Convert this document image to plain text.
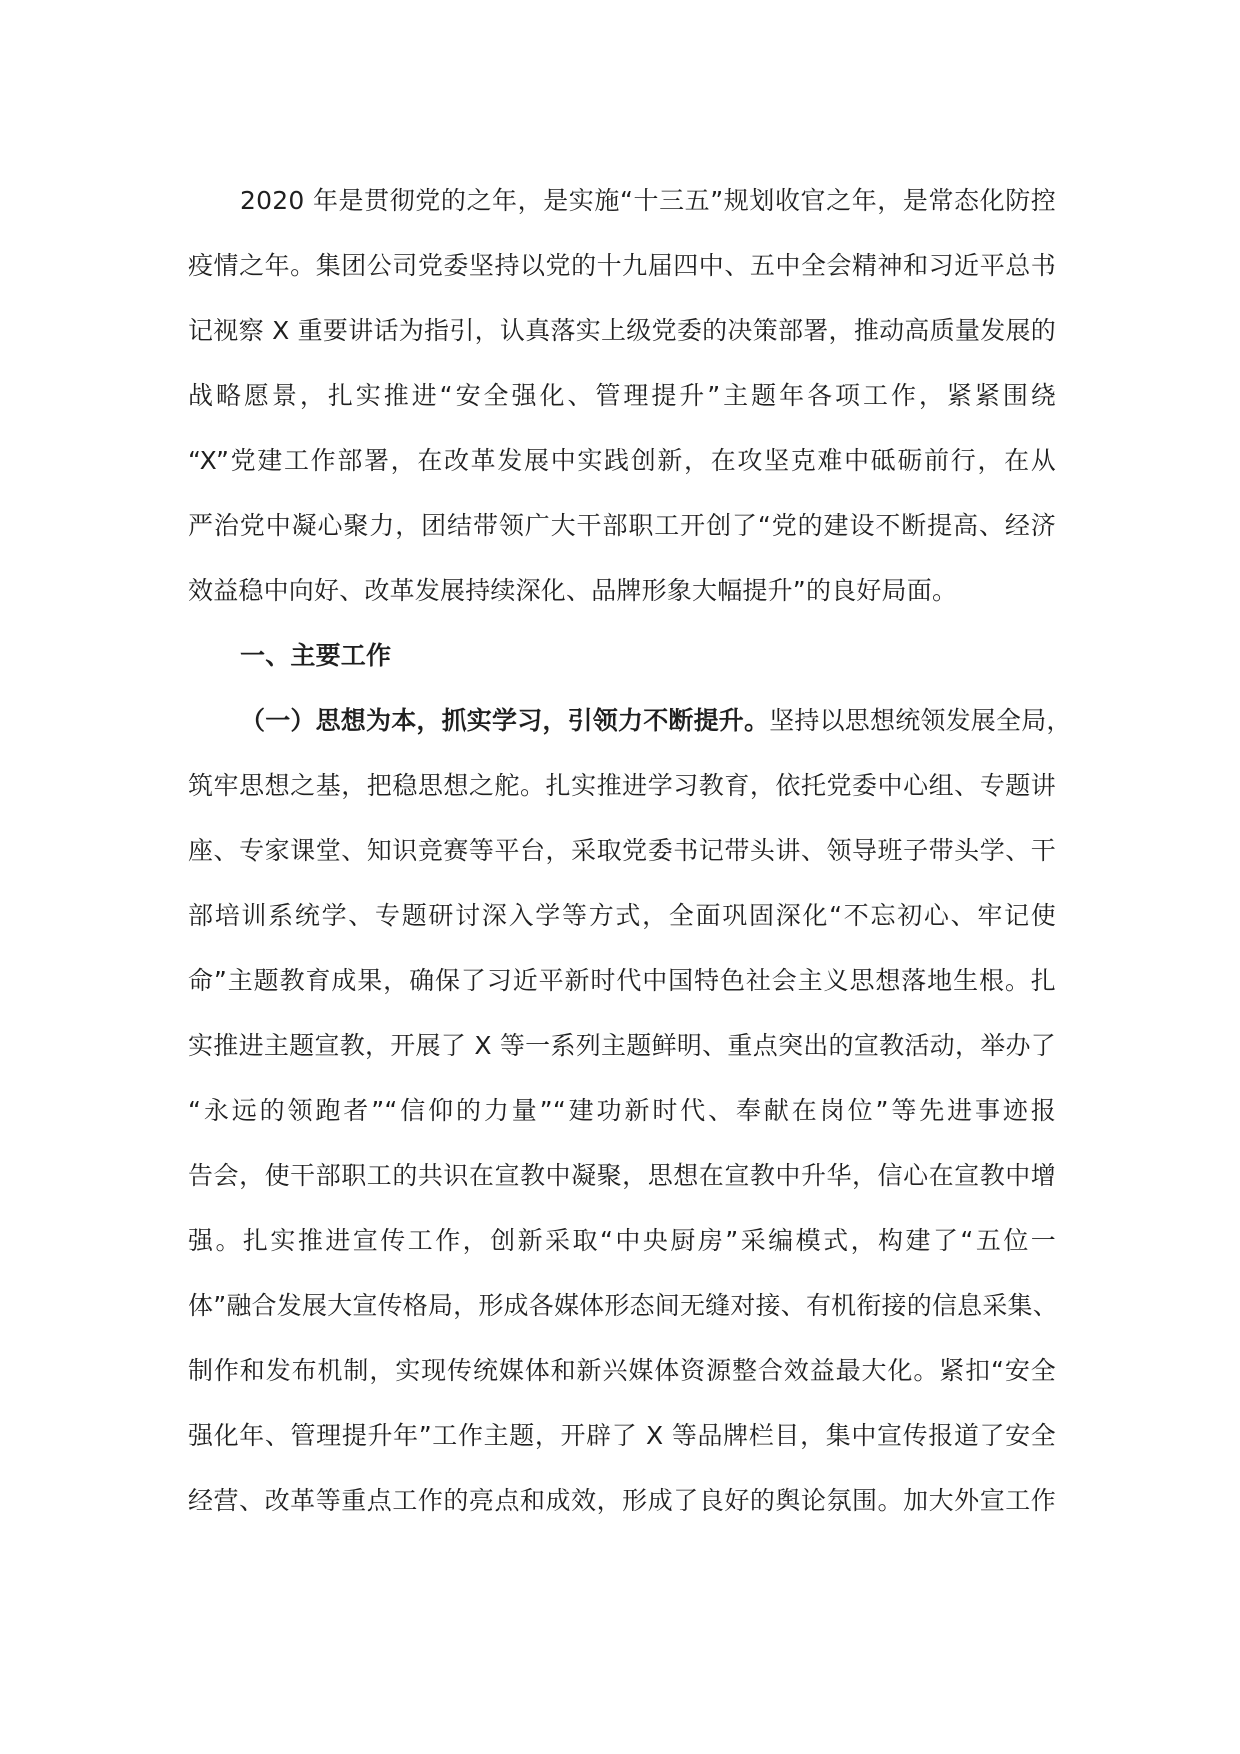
2020 年是贯彻党的之年，是实施“十三五”规划收官之年，是常态化防控
疫情之年。集团公司党委坚持以党的十九届四中、五中全会精神和习近平总书
记视察 X 重要讲话为指引，认真落实上级党委的决策部署，推动高质量发展的
战略愿景，扎实推进“安全强化、管理提升”主题年各项工作，紧紧围绕
“X”党建工作部署，在改革发展中实践创新，在攻坚克难中砥砺前行，在从
严治党中凝心聚力，团结带领广大干部职工开创了“党的建设不断提高、经济
效益稳中向好、改革发展持续深化、品牌形象大幅提升”的良好局面。
一、主要工作
（一）思想为本，抓实学习，引领力不断提升。坚持以思想统领发展全局，
筑牢思想之基，把稳思想之舵。扎实推进学习教育，依托党委中心组、专题讲
座、专家课堂、知识竞赛等平台，采取党委书记带头讲、领导班子带头学、干
部培训系统学、专题研讨深入学等方式，全面巩固深化“不忘初心、牢记使
命”主题教育成果，确保了习近平新时代中国特色社会主义思想落地生根。扎
实推进主题宣教，开展了 X 等一系列主题鲜明、重点突出的宣教活动，举办了
“永远的领跑者”“信仰的力量”“建功新时代、奉献在岗位”等先进事迹报
告会，使干部职工的共识在宣教中凝聚，思想在宣教中升华，信心在宣教中增
强。扎实推进宣传工作，创新采取“中央厨房”采编模式，构建了“五位一
体”融合发展大宣传格局，形成各媒体形态间无缝对接、有机衔接的信息采集、
制作和发布机制，实现传统媒体和新兴媒体资源整合效益最大化。紧扣“安全
强化年、管理提升年”工作主题，开辟了 X 等品牌栏目，集中宣传报道了安全
经营、改革等重点工作的亮点和成效，形成了良好的舆论氛围。加大外宣工作
